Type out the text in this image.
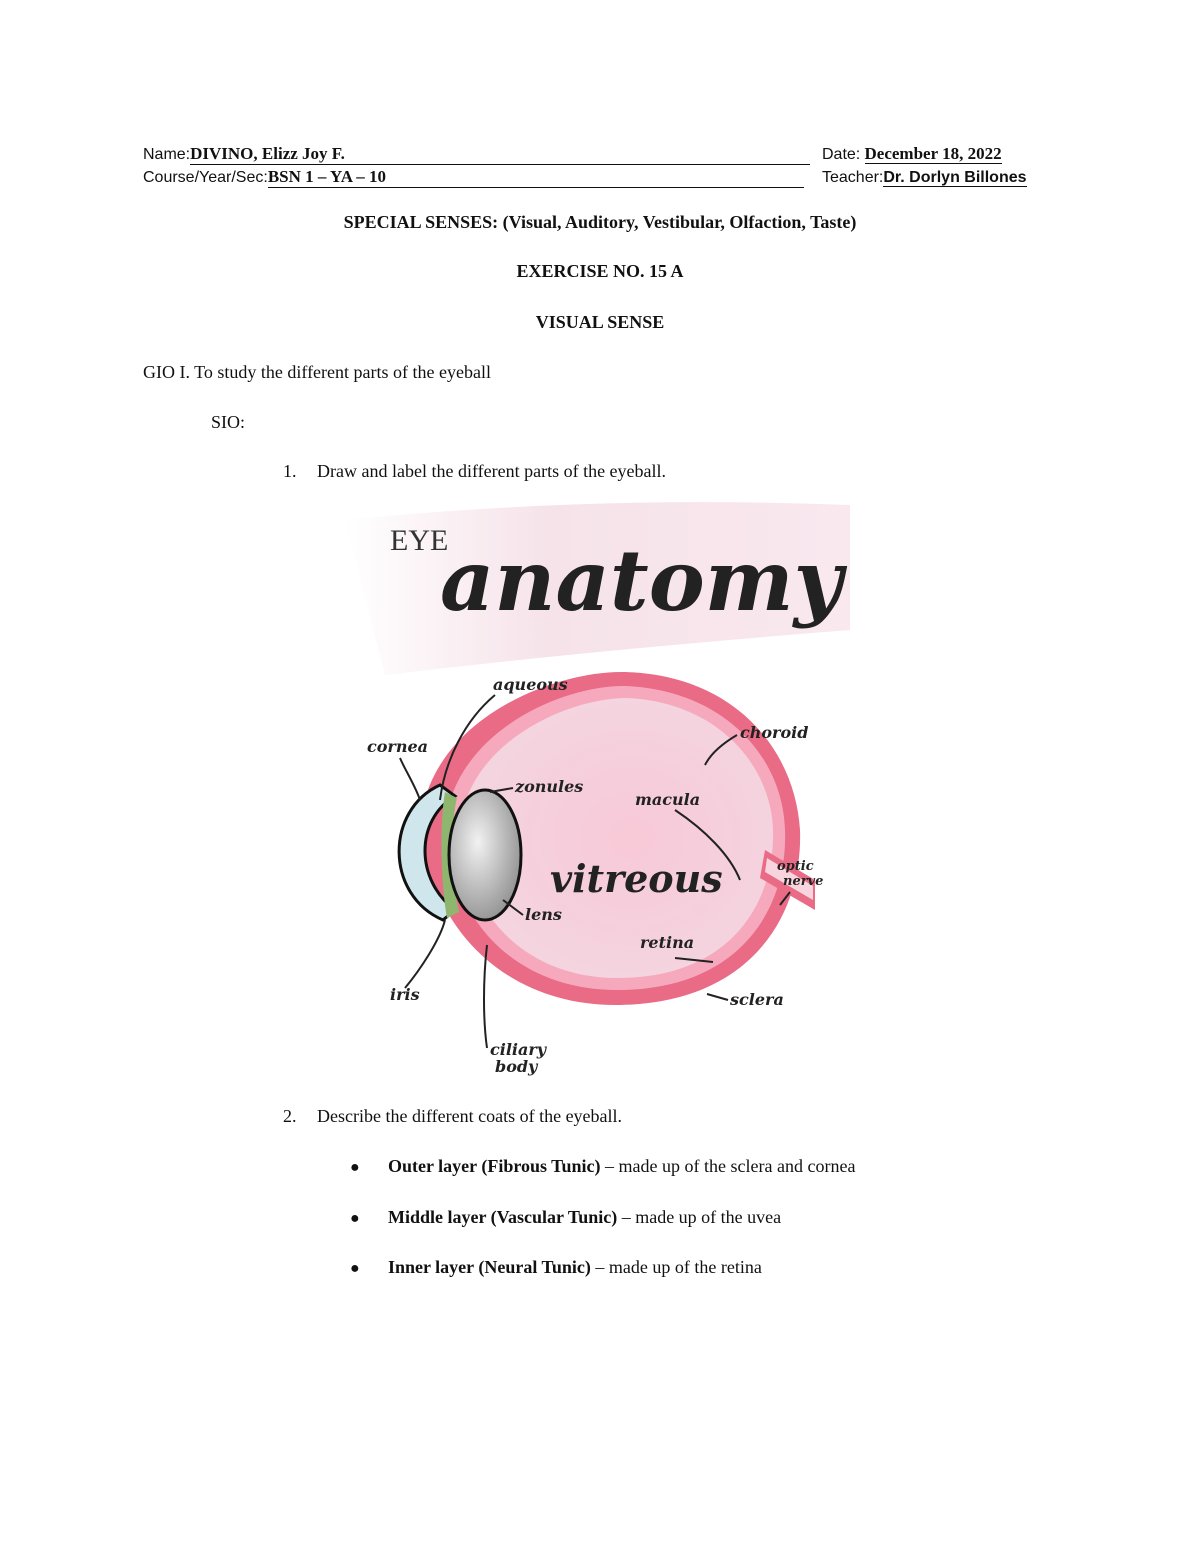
Name:DIVINO, Elizz Joy F.	Date: December 18, 2022
Course/Year/Sec:BSN 1 – YA – 10	Teacher:Dr. Dorlyn Billones
SPECIAL SENSES: (Visual, Auditory, Vestibular, Olfaction, Taste)
EXERCISE NO. 15 A
VISUAL SENSE
GIO I. To study the different parts of the eyeball
SIO:
1. Draw and label the different parts of the eyeball.
EYE
anatomy
aqueous
choroid
cornea
zonules
macula
vitreous	optic
nerve
lens
retina
iris	sclera
ciliary
body
2. Describe the different coats of the eyeball.
● Outer layer (Fibrous Tunic) – made up of the sclera and cornea
● Middle layer (Vascular Tunic) – made up of the uvea
● Inner layer (Neural Tunic) – made up of the retina
